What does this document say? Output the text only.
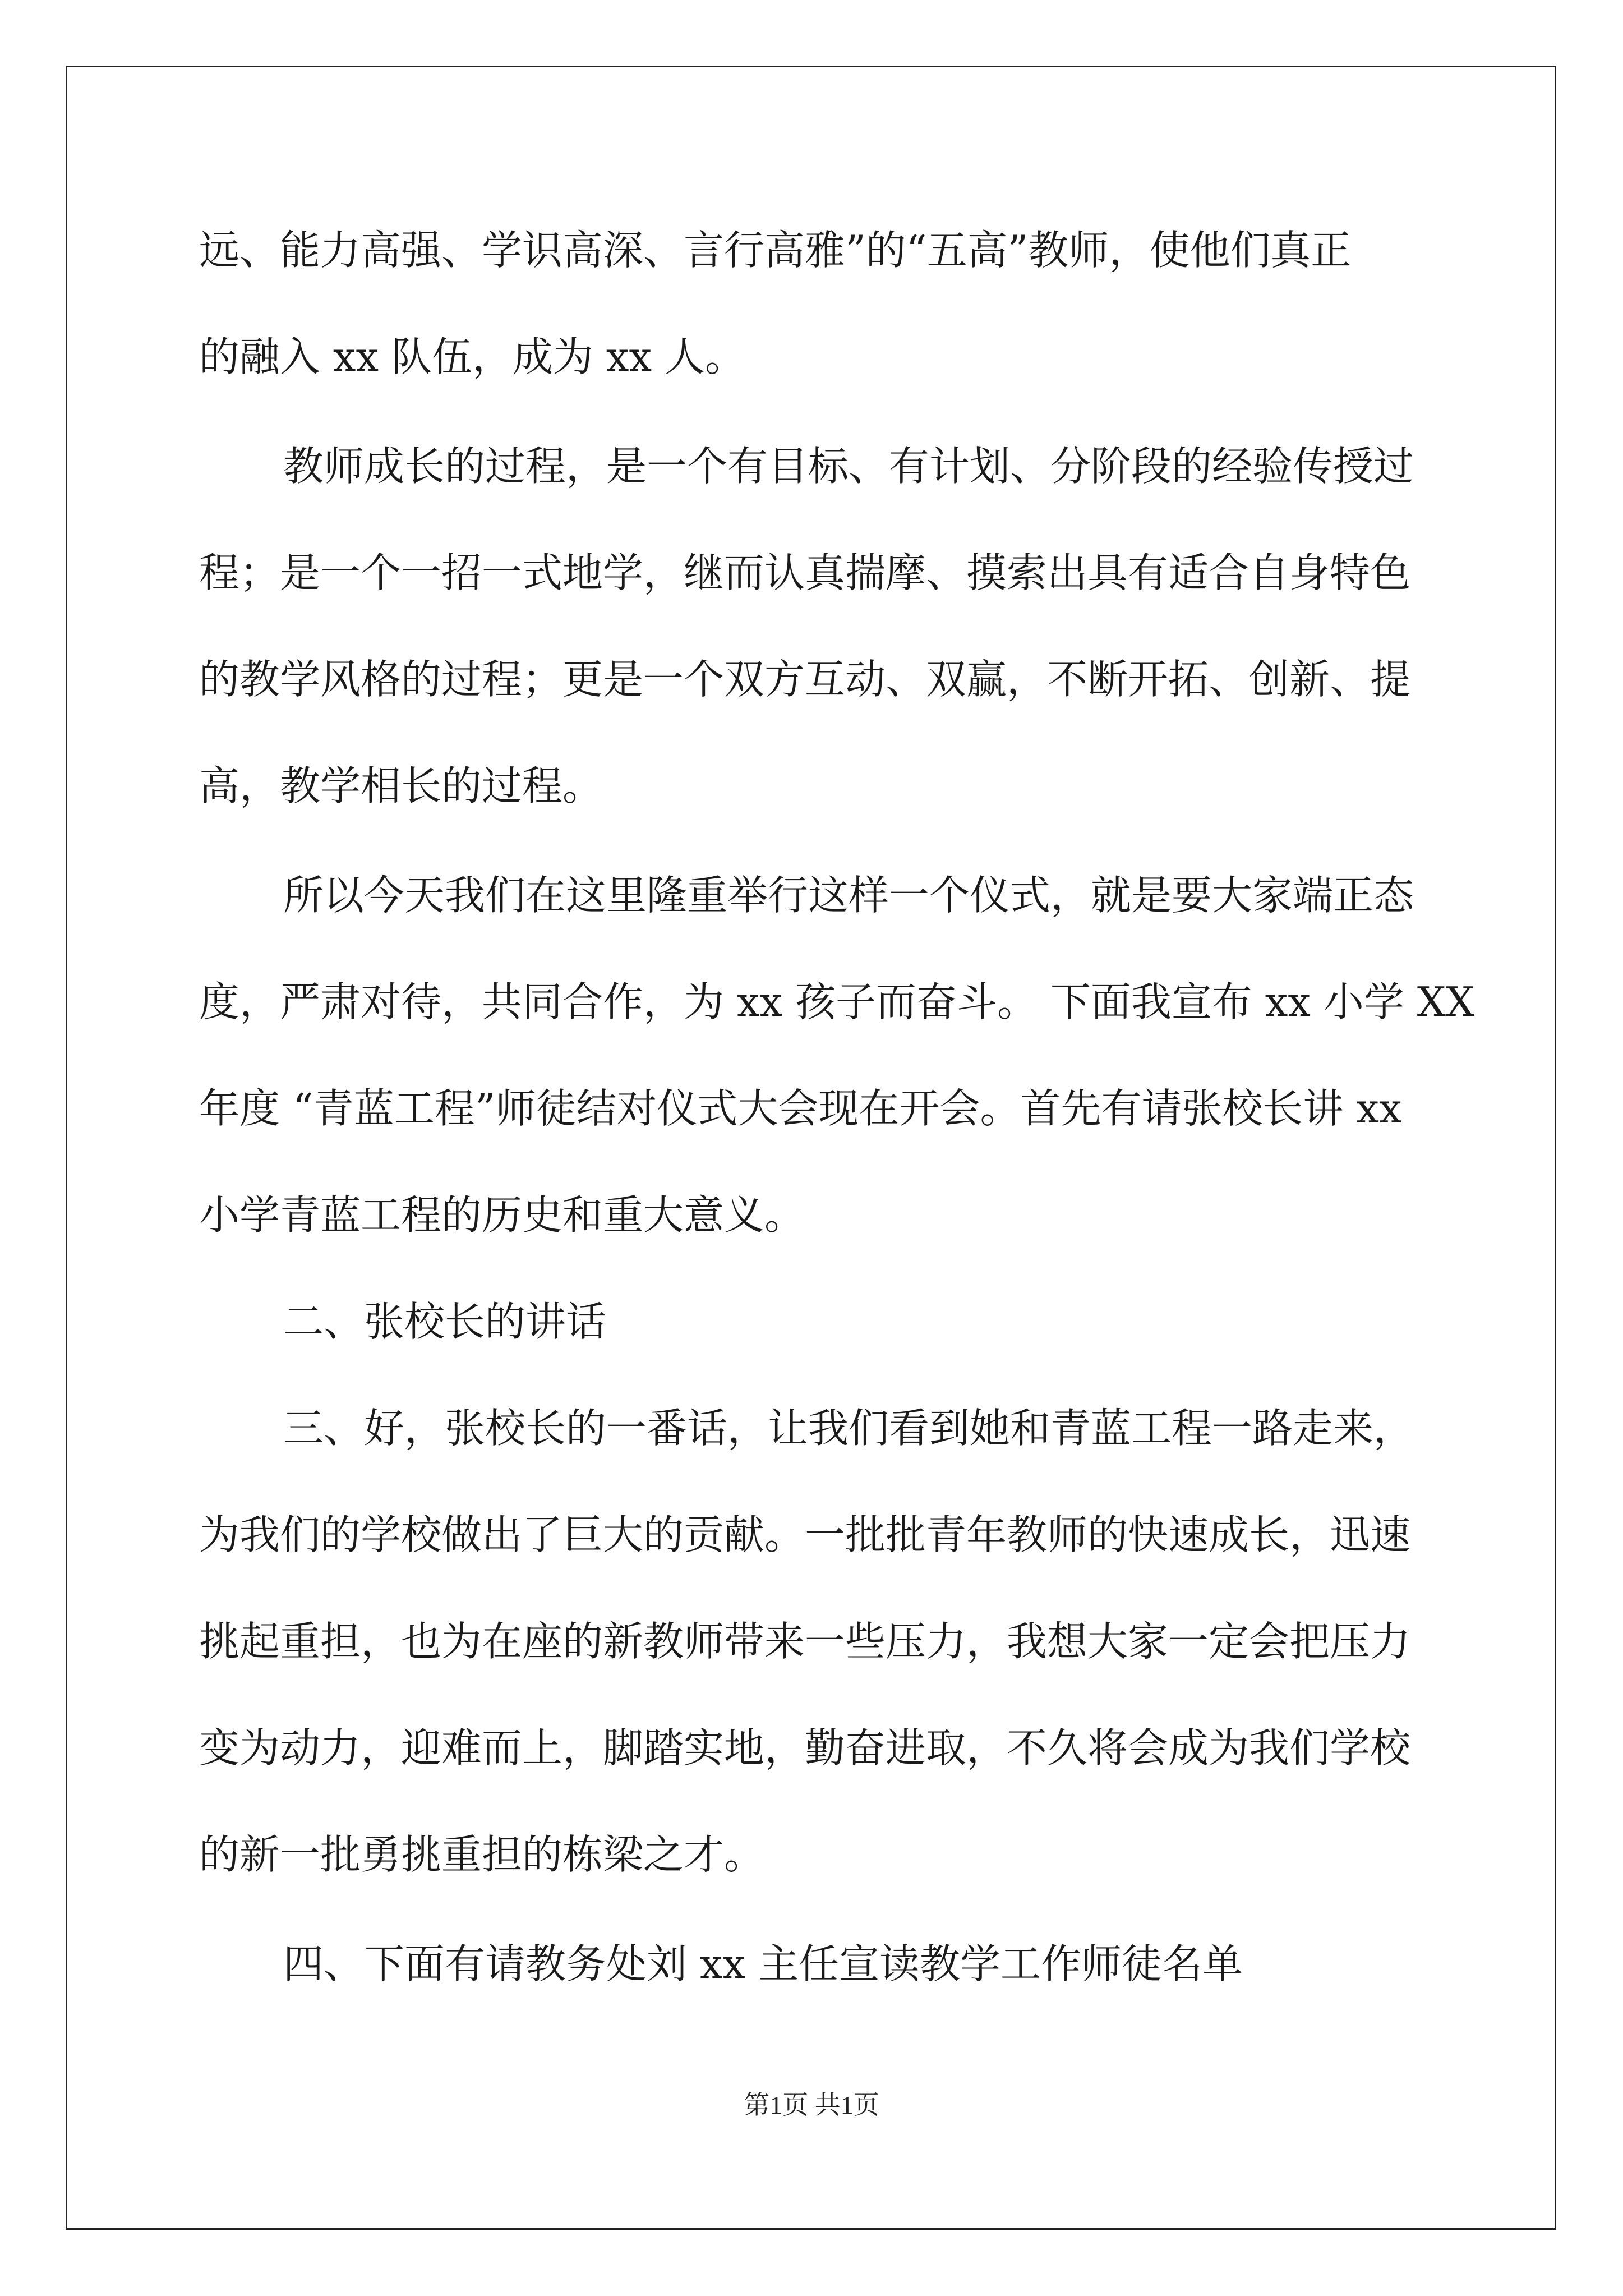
远、能力高强、学识高深、言行高雅”的“五高”教师，使他们真正
的融入 xx 队伍，成为 xx 人。
教师成长的过程，是一个有目标、有计划、分阶段的经验传授过
程；是一个一招一式地学，继而认真揣摩、摸索出具有适合自身特色
的教学风格的过程；更是一个双方互动、双赢，不断开拓、创新、提
高，教学相长的过程。
所以今天我们在这里隆重举行这样一个仪式，就是要大家端正态
度，严肃对待，共同合作，为 xx 孩子而奋斗。 下面我宣布 xx 小学 XX
年度 “青蓝工程”师徒结对仪式大会现在开会。首先有请张校长讲 xx
小学青蓝工程的历史和重大意义。
二、张校长的讲话
三、好，张校长的一番话，让我们看到她和青蓝工程一路走来，
为我们的学校做出了巨大的贡献。一批批青年教师的快速成长，迅速
挑起重担，也为在座的新教师带来一些压力，我想大家一定会把压力
变为动力，迎难而上，脚踏实地，勤奋进取，不久将会成为我们学校
的新一批勇挑重担的栋梁之才。
四、下面有请教务处刘 xx 主任宣读教学工作师徒名单
第1页 共1页
